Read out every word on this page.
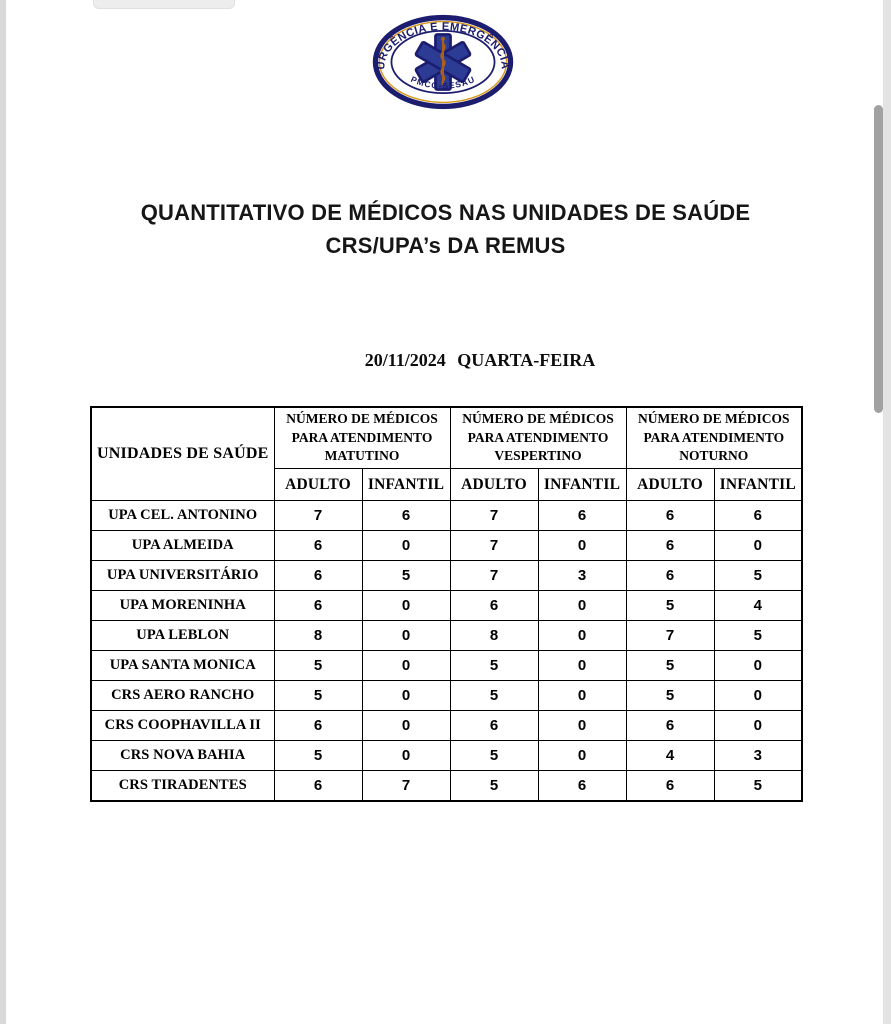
URGÊNCIA E EMERGÊNCIA
PMCG-SESAU
QUANTITATIVO DE MÉDICOS NAS UNIDADES DE SAÚDE
CRS/UPA’s DA REMUS
20/11/2024 QUARTA-FEIRA
UNIDADES DE SAÚDE	NÚMERO DE MÉDICOS PARA ATENDIMENTO MATUTINO		NÚMERO DE MÉDICOS PARA ATENDIMENTO VESPERTINO		NÚMERO DE MÉDICOS PARA ATENDIMENTO NOTURNO	
	ADULTO	INFANTIL	ADULTO	INFANTIL	ADULTO	INFANTIL
UPA CEL. ANTONINO	7	6	7	6	6	6
UPA ALMEIDA	6	0	7	0	6	0
UPA UNIVERSITÁRIO	6	5	7	3	6	5
UPA MORENINHA	6	0	6	0	5	4
UPA LEBLON	8	0	8	0	7	5
UPA SANTA MONICA	5	0	5	0	5	0
CRS AERO RANCHO	5	0	5	0	5	0
CRS COOPHAVILLA II	6	0	6	0	6	0
CRS NOVA BAHIA	5	0	5	0	4	3
CRS TIRADENTES	6	7	5	6	6	5
